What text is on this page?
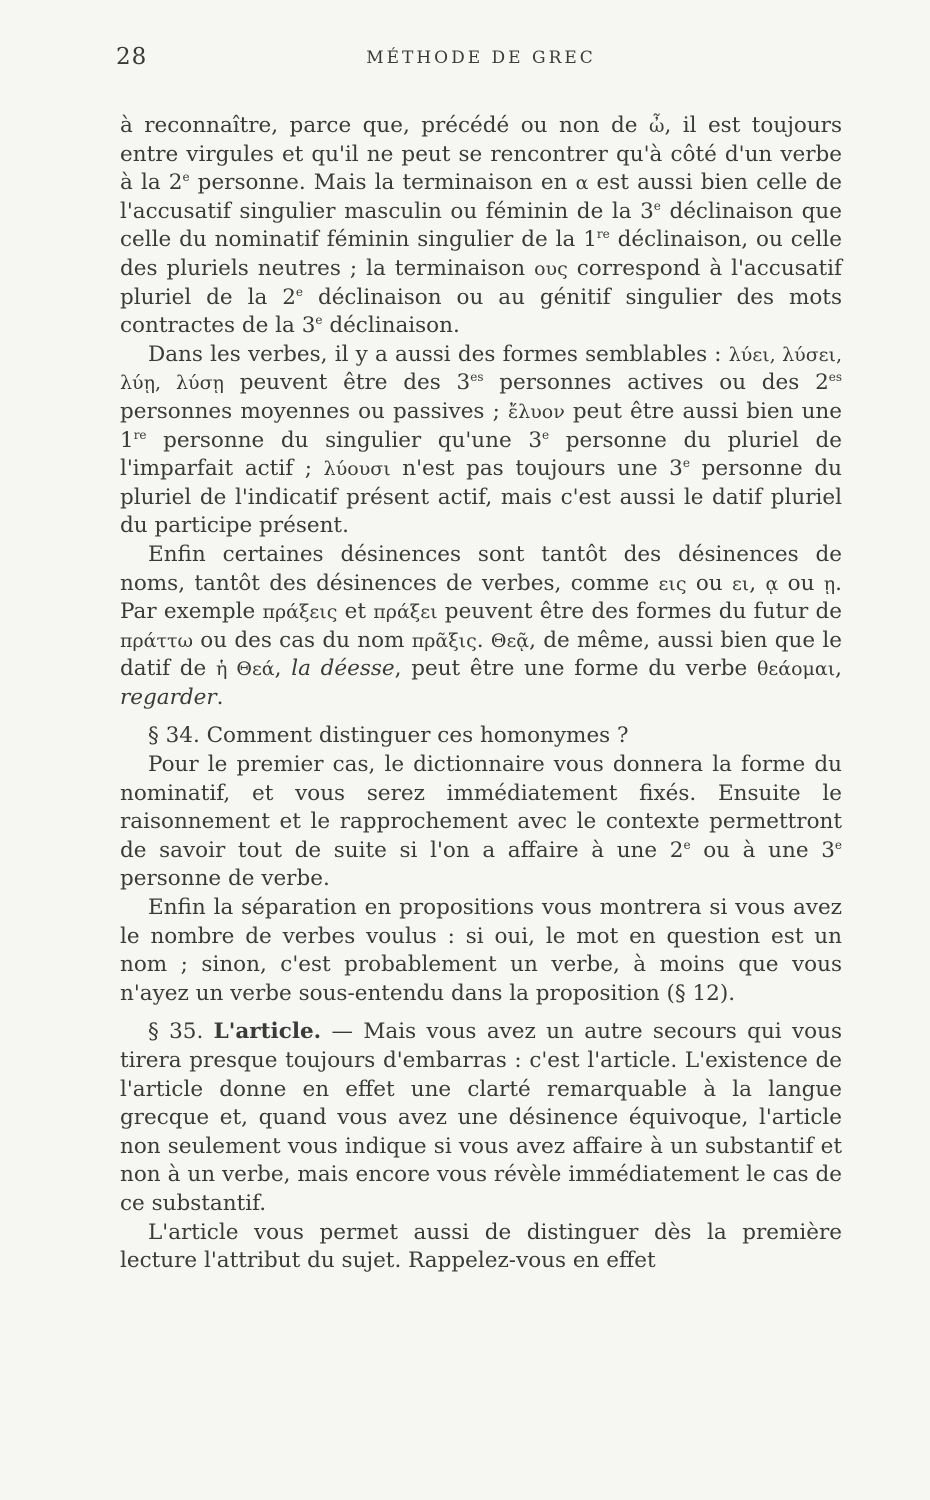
28	MÉTHODE DE GREC

à reconnaître, parce que, précédé ou non de ὦ, il est toujours entre virgules et qu'il ne peut se rencontrer qu'à côté d'un verbe à la 2e personne. Mais la terminaison en α est aussi bien celle de l'accusatif singulier masculin ou féminin de la 3e déclinaison que celle du nominatif féminin singulier de la 1re déclinaison, ou celle des pluriels neutres ; la terminaison ους correspond à l'accusatif pluriel de la 2e déclinaison ou au génitif singulier des mots contractes de la 3e déclinaison.

Dans les verbes, il y a aussi des formes semblables : λύει, λύσει, λύῃ, λύσῃ peuvent être des $3^{es}$ personnes actives ou des $2^{es}$ personnes moyennes ou passives ; ἔλυον peut être aussi bien une 1re personne du singulier qu'une 3e personne du pluriel de l'imparfait actif ; λύουσι n'est pas toujours une 3e personne du pluriel de l'indicatif présent actif, mais c'est aussi le datif pluriel du participe présent.

Enfin certaines désinences sont tantôt des désinences de noms, tantôt des désinences de verbes, comme εις ou ει, ᾳ ou ῃ. Par exemple πράξεις et πράξει peuvent être des formes du futur de πράττω ou des cas du nom πρᾶξις. Θεᾷ, de même, aussi bien que le datif de ἡ Θεά, la déesse, peut être une forme du verbe θεάομαι, regarder.

§ 34. Comment distinguer ces homonymes ?

Pour le premier cas, le dictionnaire vous donnera la forme du nominatif, et vous serez immédiatement fixés. Ensuite le raisonnement et le rapprochement avec le contexte permettront de savoir tout de suite si l'on a affaire à une 2e ou à une 3e personne de verbe.

Enfin la séparation en propositions vous montrera si vous avez le nombre de verbes voulus : si oui, le mot en question est un nom ; sinon, c'est probablement un verbe, à moins que vous n'ayez un verbe sous-entendu dans la proposition (§ 12).

§ 35. L'article. — Mais vous avez un autre secours qui vous tirera presque toujours d'embarras : c'est l'article. L'existence de l'article donne en effet une clarté remarquable à la langue grecque et, quand vous avez une désinence équivoque, l'article non seulement vous indique si vous avez affaire à un substantif et non à un verbe, mais encore vous révèle immédiatement le cas de ce substantif.

L'article vous permet aussi de distinguer dès la première lecture l'attribut du sujet. Rappelez-vous en effet
